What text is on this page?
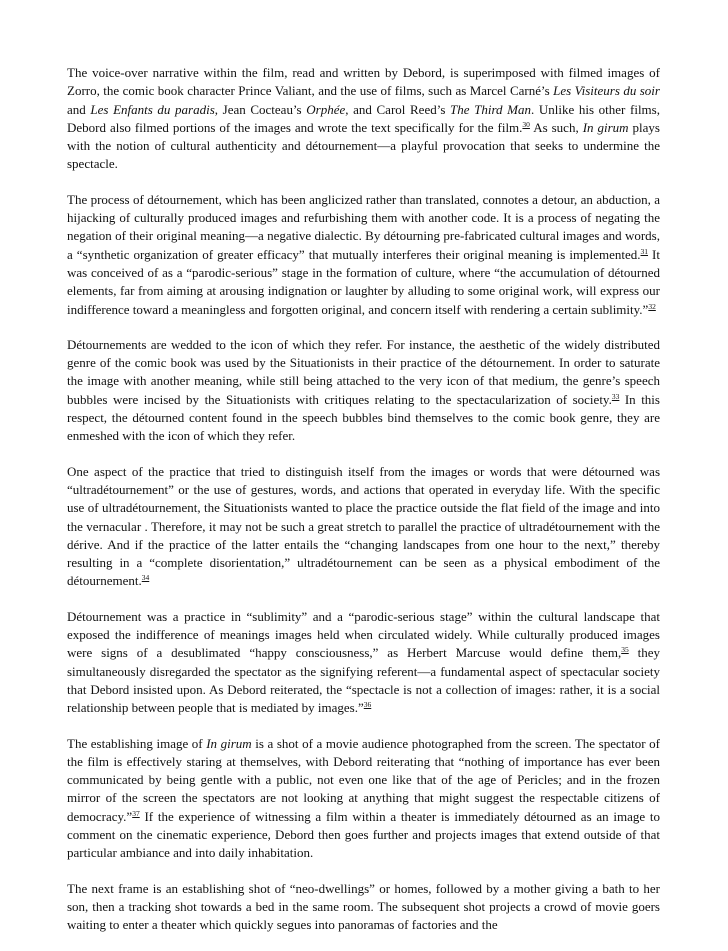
The voice-over narrative within the film, read and written by Debord, is superimposed with filmed images of Zorro, the comic book character Prince Valiant, and the use of films, such as Marcel Carné’s Les Visiteurs du soir and Les Enfants du paradis, Jean Cocteau’s Orphée, and Carol Reed’s The Third Man. Unlike his other films, Debord also filmed portions of the images and wrote the text specifically for the film.$^{30}$ As such, In girum plays with the notion of cultural authenticity and détournement—a playful provocation that seeks to undermine the spectacle.

The process of détournement, which has been anglicized rather than translated, connotes a detour, an abduction, a hijacking of culturally produced images and refurbishing them with another code. It is a process of negating the negation of their original meaning—a negative dialectic. By détourning pre-fabricated cultural images and words, a “synthetic organization of greater efficacy” that mutually interferes their original meaning is implemented.$^{31}$ It was conceived of as a “parodic-serious” stage in the formation of culture, where “the accumulation of détourned elements, far from aiming at arousing indignation or laughter by alluding to some original work, will express our indifference toward a meaningless and forgotten original, and concern itself with rendering a certain sublimity.”$^{32}$

Détournements are wedded to the icon of which they refer. For instance, the aesthetic of the widely distributed genre of the comic book was used by the Situationists in their practice of the détournement. In order to saturate the image with another meaning, while still being attached to the very icon of that medium, the genre’s speech bubbles were incised by the Situationists with critiques relating to the spectacularization of society.$^{33}$ In this respect, the détourned content found in the speech bubbles bind themselves to the comic book genre, they are enmeshed with the icon of which they refer.

One aspect of the practice that tried to distinguish itself from the images or words that were détourned was “ultradétournement” or the use of gestures, words, and actions that operated in everyday life. With the specific use of ultradétournement, the Situationists wanted to place the practice outside the flat field of the image and into the vernacular . Therefore, it may not be such a great stretch to parallel the practice of ultradétournement with the dérive. And if the practice of the latter entails the “changing landscapes from one hour to the next,” thereby resulting in a “complete disorientation,” ultradétournement can be seen as a physical embodiment of the détournement.$^{34}$

Détournement was a practice in “sublimity” and a “parodic-serious stage” within the cultural landscape that exposed the indifference of meanings images held when circulated widely. While culturally produced images were signs of a desublimated “happy consciousness,” as Herbert Marcuse would define them,$^{35}$ they simultaneously disregarded the spectator as the signifying referent—a fundamental aspect of spectacular society that Debord insisted upon. As Debord reiterated, the “spectacle is not a collection of images: rather, it is a social relationship between people that is mediated by images.”$^{36}$

The establishing image of In girum is a shot of a movie audience photographed from the screen. The spectator of the film is effectively staring at themselves, with Debord reiterating that “nothing of importance has ever been communicated by being gentle with a public, not even one like that of the age of Pericles; and in the frozen mirror of the screen the spectators are not looking at anything that might suggest the respectable citizens of democracy.”$^{37}$ If the experience of witnessing a film within a theater is immediately détourned as an image to comment on the cinematic experience, Debord then goes further and projects images that extend outside of that particular ambiance and into daily inhabitation.

The next frame is an establishing shot of “neo-dwellings” or homes, followed by a mother giving a bath to her son, then a tracking shot towards a bed in the same room. The subsequent shot projects a crowd of movie goers waiting to enter a theater which quickly segues into panoramas of factories and the
